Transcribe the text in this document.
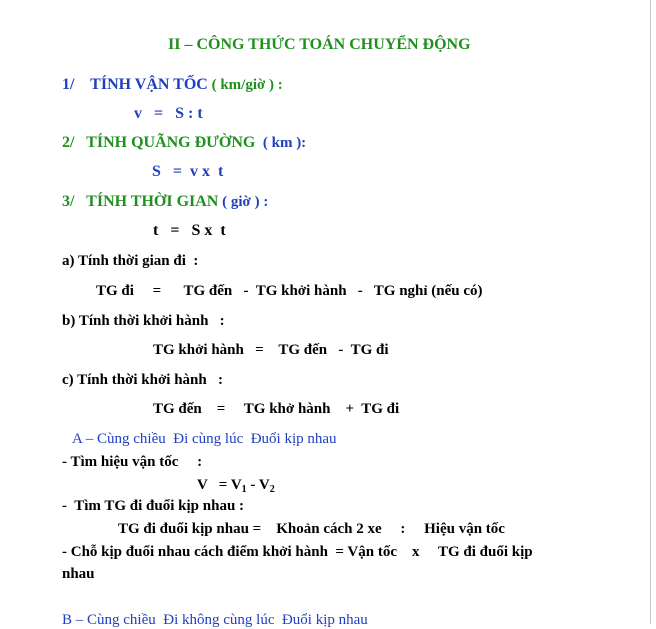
II – CÔNG THỨC TOÁN CHUYỂN ĐỘNG
1/ TÍNH VẬN TỐC ( km/giờ ) :
v   =   S : t
2/ TÍNH QUÃNG ĐƯỜNG  ( km ):
S   =  v x  t
3/ TÍNH THỜI GIAN ( giờ ) :
t   =   S x  t
a) Tính thời gian đi  :
TG đi     =      TG đến   -  TG khởi hành   -   TG nghỉ (nếu có)
b) Tính thời khởi hành   :
TG khởi hành   =    TG đến   -  TG đi
c) Tính thời khởi hành   :
TG đến    =     TG khở hành    +  TG đi
A – Cùng chiều  Đi cùng lúc  Đuổi kịp nhau
- Tìm hiệu vận tốc     :
$V = V_1 - V_2$
-  Tìm TG đi đuổi kịp nhau :
TG đi đuổi kịp nhau =    Khoản cách 2 xe     :     Hiệu vận tốc
- Chỗ kịp đuổi nhau cách điểm khởi hành  = Vận tốc    x     TG đi đuổi kịp
nhau
B – Cùng chiều  Đi không cùng lúc  Đuổi kịp nhau
